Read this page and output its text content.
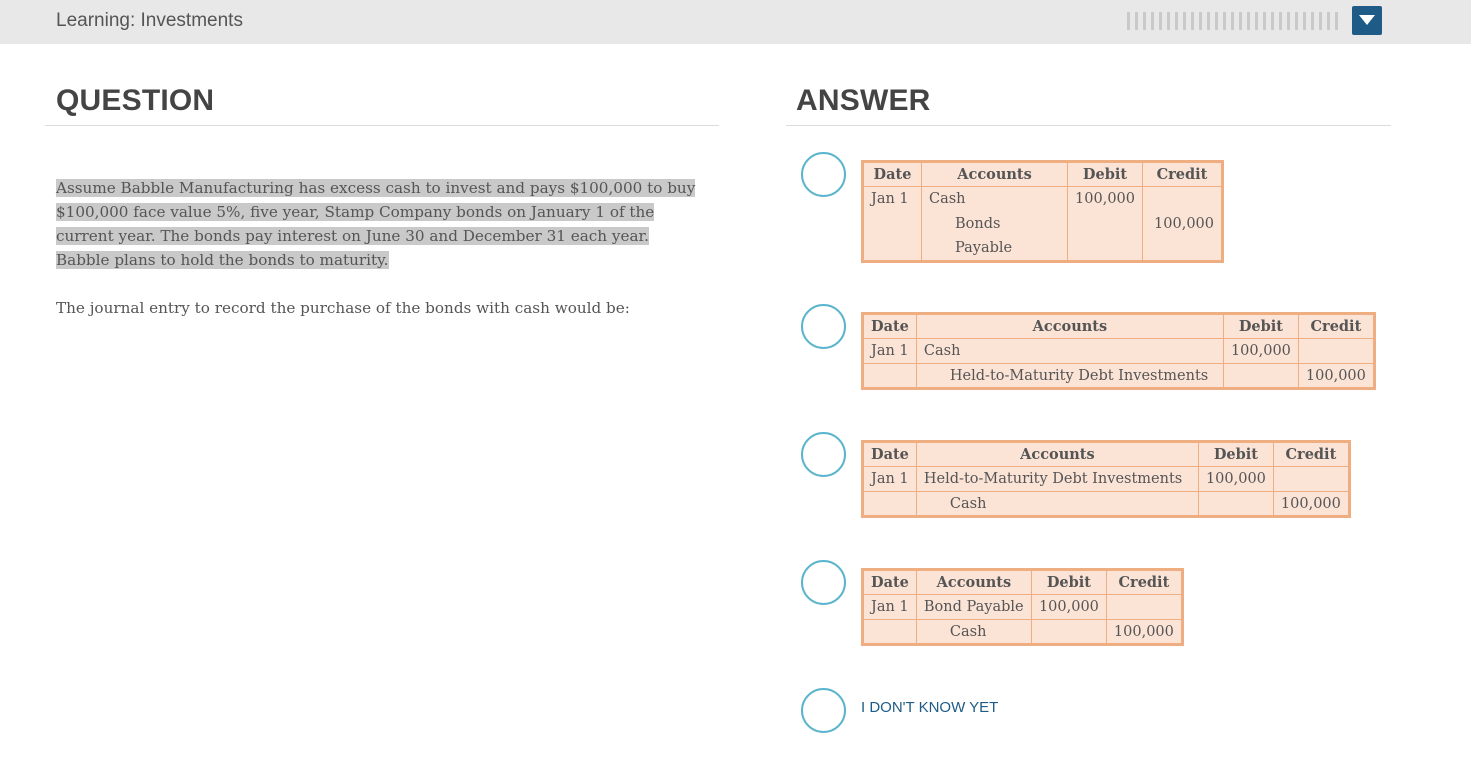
Learning: Investments
QUESTION	ANSWER
Assume Babble Manufacturing has excess cash to invest and pays $100,000 to buy $100,000 face value 5%, five year, Stamp Company bonds on January 1 of the current year. The bonds pay interest on June 30 and December 31 each year. Babble plans to hold the bonds to maturity.
The journal entry to record the purchase of the bonds with cash would be:
Date	Accounts	Debit	Credit
Jan 1	Cash	100,000	
	Bonds		100,000
	Payable		
Date	Accounts	Debit	Credit
Jan 1	Cash	100,000	
	Held-to-Maturity Debt Investments		100,000
Date	Accounts	Debit	Credit
Jan 1	Held-to-Maturity Debt Investments	100,000	
	Cash		100,000
Date	Accounts	Debit	Credit
Jan 1	Bond Payable	100,000	
	Cash		100,000
I DON'T KNOW YET
